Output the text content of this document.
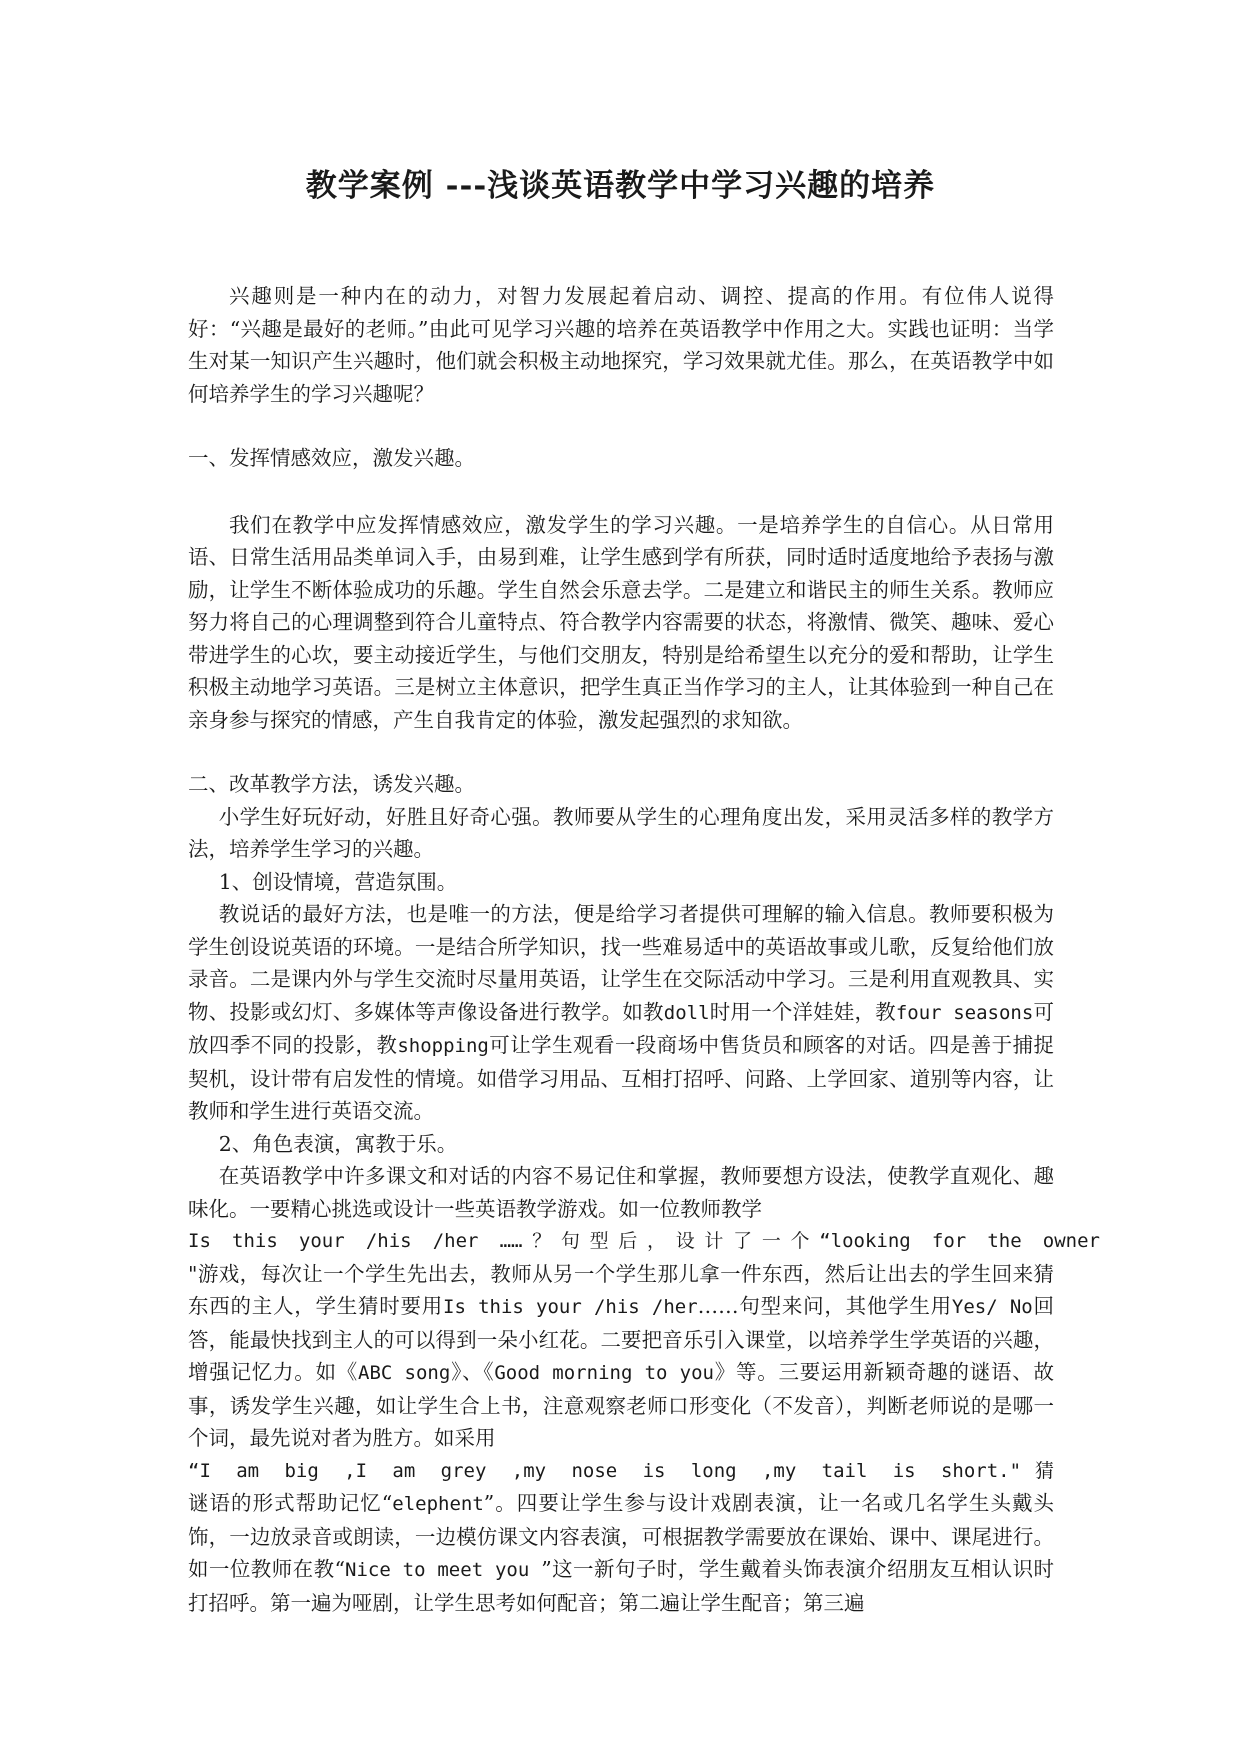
教学案例 ---浅谈英语教学中学习兴趣的培养

兴趣则是一种内在的动力，对智力发展起着启动、调控、提高的作用。有位伟人说得好：“兴趣是最好的老师。”由此可见学习兴趣的培养在英语教学中作用之大。实践也证明：当学生对某一知识产生兴趣时，他们就会积极主动地探究，学习效果就尤佳。那么，在英语教学中如何培养学生的学习兴趣呢？

一、发挥情感效应，激发兴趣。

我们在教学中应发挥情感效应，激发学生的学习兴趣。一是培养学生的自信心。从日常用语、日常生活用品类单词入手，由易到难，让学生感到学有所获，同时适时适度地给予表扬与激励，让学生不断体验成功的乐趣。学生自然会乐意去学。二是建立和谐民主的师生关系。教师应努力将自己的心理调整到符合儿童特点、符合教学内容需要的状态，将激情、微笑、趣味、爱心带进学生的心坎，要主动接近学生，与他们交朋友，特别是给希望生以充分的爱和帮助，让学生积极主动地学习英语。三是树立主体意识，把学生真正当作学习的主人，让其体验到一种自己在亲身参与探究的情感，产生自我肯定的体验，激发起强烈的求知欲。

二、改革教学方法，诱发兴趣。

小学生好玩好动，好胜且好奇心强。教师要从学生的心理角度出发，采用灵活多样的教学方法，培养学生学习的兴趣。

1、创设情境，营造氛围。

教说话的最好方法，也是唯一的方法，便是给学习者提供可理解的输入信息。教师要积极为学生创设说英语的环境。一是结合所学知识，找一些难易适中的英语故事或儿歌，反复给他们放录音。二是课内外与学生交流时尽量用英语，让学生在交际活动中学习。三是利用直观教具、实物、投影或幻灯、多媒体等声像设备进行教学。如教doll时用一个洋娃娃，教four seasons可放四季不同的投影，教shopping可让学生观看一段商场中售货员和顾客的对话。四是善于捕捉契机，设计带有启发性的情境。如借学习用品、互相打招呼、问路、上学回家、道别等内容，让教师和学生进行英语交流。

2、角色表演，寓教于乐。

在英语教学中许多课文和对话的内容不易记住和掌握，教师要想方设法，使教学直观化、趣味化。一要精心挑选或设计一些英语教学游戏。如一位教师教学

Is this your /his /her ……？句型后，设计了一个“looking for the owner

"游戏，每次让一个学生先出去，教师从另一个学生那儿拿一件东西，然后让出去的学生回来猜东西的主人，学生猜时要用Is this your /his /her……句型来问，其他学生用Yes/ No回答，能最快找到主人的可以得到一朵小红花。二要把音乐引入课堂，以培养学生学英语的兴趣，增强记忆力。如《ABC song》、《Good morning to you》等。三要运用新颖奇趣的谜语、故事，诱发学生兴趣，如让学生合上书，注意观察老师口形变化（不发音），判断老师说的是哪一个词，最先说对者为胜方。如采用

“I am big ,I am grey ,my nose is long ,my tail is short."猜

谜语的形式帮助记忆“elephent”。四要让学生参与设计戏剧表演，让一名或几名学生头戴头饰，一边放录音或朗读，一边模仿课文内容表演，可根据教学需要放在课始、课中、课尾进行。如一位教师在教“Nice to meet you ”这一新句子时，学生戴着头饰表演介绍朋友互相认识时打招呼。第一遍为哑剧，让学生思考如何配音；第二遍让学生配音；第三遍
